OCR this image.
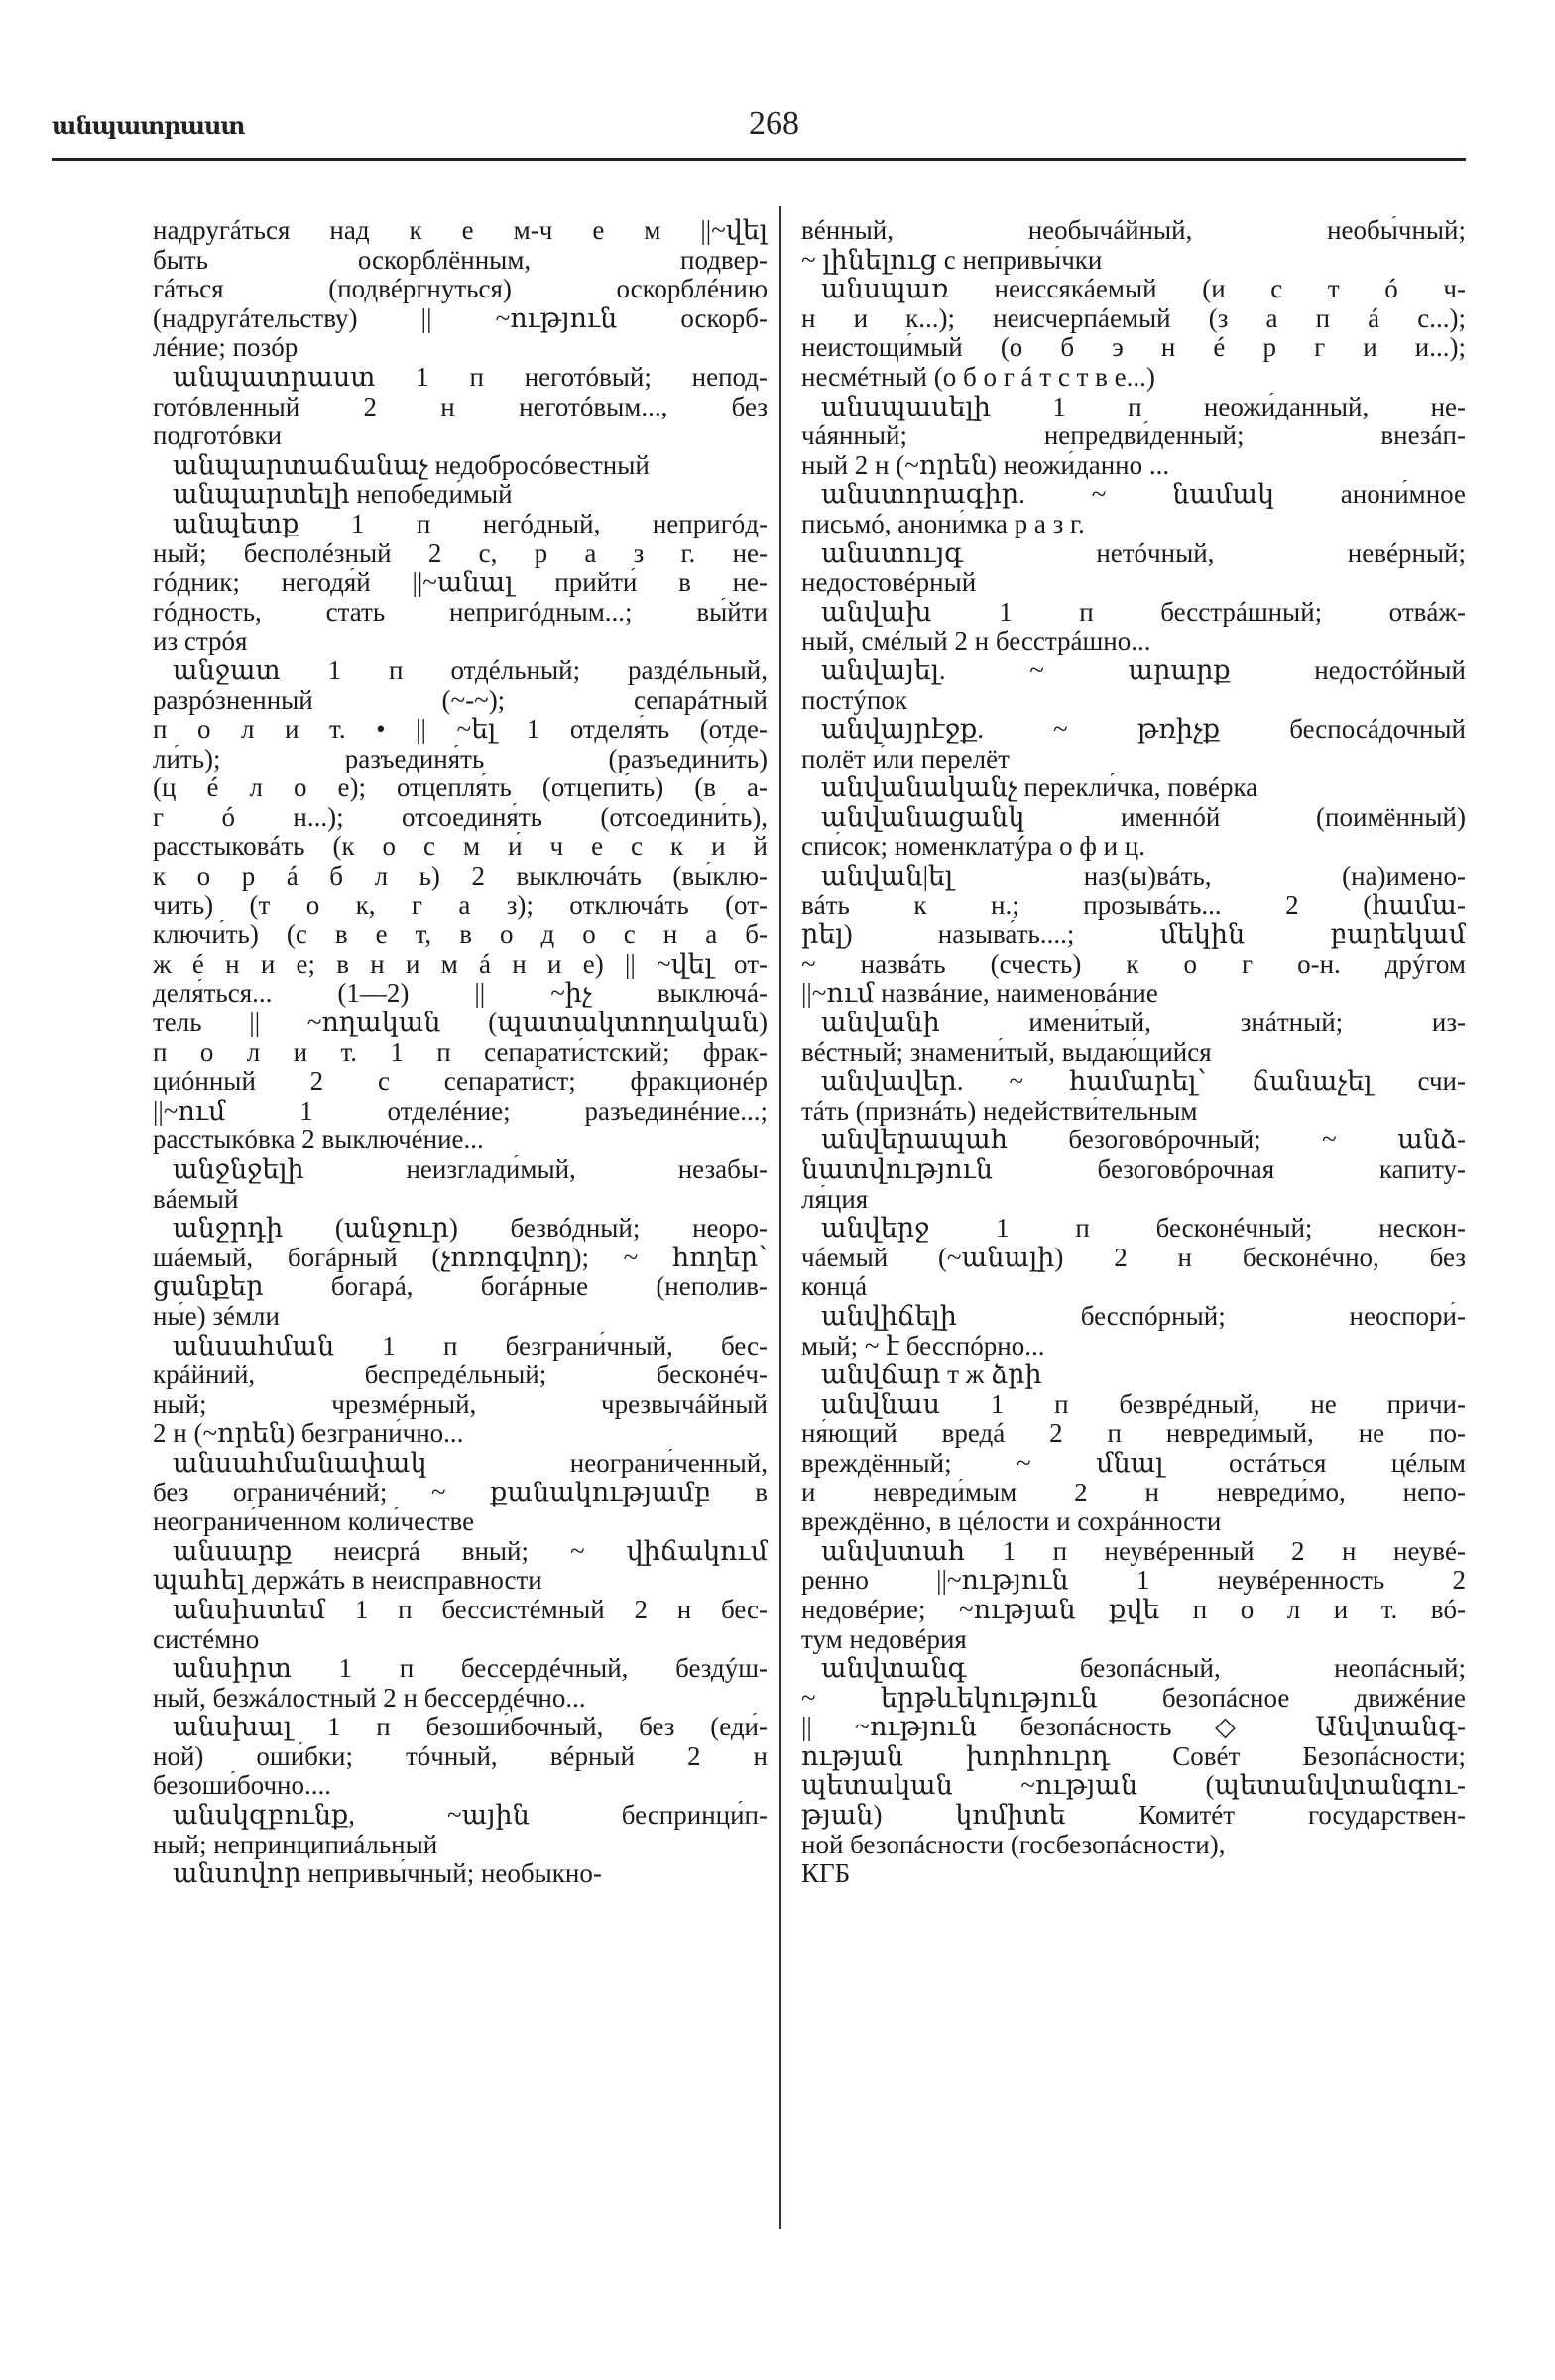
անպատրաստ	268
надругáться над к е м-ч е м ||~վել
быть оскорблённым, подвер-
гáться (подвéргнуться) оскорблéнию
(надругáтельству) || ~ություն оскорб-
лéние; позóр
անպատրաստ 1 п неготóвый; непод-
готóвленный 2 н неготóвым..., без
подготóвки
անպարտաճանաչ недобросóвестный
անպարտելի непобеди́мый
անպետք 1 п негóдный, непригóд-
ный; бесполéзный 2 с, р а з г. не-
гóдник; негодя́й ||~անալ прийти́ в не-
гóдность, стать непригóдным...; вы́йти
из стрóя
անջատ 1 п отдéльный; раздéльный,
разрóзненный (~-~); сепарáтный
п о л и т. • || ~ել 1 отделя́ть (отде-
ли́ть); разъединя́ть (разъедини́ть)
(ц é л о е); отцепля́ть (отцепи́ть) (в а-
г ó н...); отсоединя́ть (отсоедини́ть),
расстыковáть (к о с м и́ ч е с к и й
к о р á б л ь) 2 выключáть (вы́клю-
чить) (т о к, г а з); отключáть (от-
ключи́ть) (с в е т, в о д о с н а б-
ж é н и е; в н и м á н и е) || ~վել от-
деля́ться... (1—2) || ~իչ выключá-
тель || ~ողական (պատակտողական)
п о л и т. 1 п сепарати́стский; фрак-
циóнный 2 с сепарати́ст; фракционéр
||~ում 1 отделéние; разъединéние...;
расстыкóвка 2 выключéние...
անջնջելի неизглади́мый, незабы-
вáемый
անջրդի (անջուր) безвóдный; неоро-
шáемый, богáрный (չոռոգվող); ~ հողեր՝
ցանքեր богарá, богáрные (неполив-
ны́е) зéмли
անսահման 1 п безграни́чный, бес-
крáйний, беспредéльный; бесконéч-
ный; чрезмéрный, чрезвычáйный
2 н (~որեն) безграни́чно...
անսահմանափակ неограни́ченный,
без ограничéний; ~ քանակությամբ в
неограни́ченном коли́честве
անսարք неисprá вный; ~ վիճակում
պահել держáть в неисправности
անսիստեմ 1 п бессистéмный 2 н бес-
систéмно
անսիրտ 1 п бессердéчный, бездýш-
ный, безжáлостный 2 н бессердéчно...
անսխալ 1 п безоши́бочный, без (еди́-
ной) оши́бки; тóчный, вéрный 2 н
безоши́бочно....
անսկզբունք, ~ային беспринци́п-
ный; непринципиáльный
անսովոր непривы́чный; необыкно-
вéнный, необычáйный, необы́чный;
~ լինելուց с непривы́чки
անսպառ неиссякáемый (и с т ó ч-
н и к...); неисчерпáемый (з а п á с...);
неистощи́мый (о б э н é р г и и...);
несмéтный (о б о г á т с т в е...)
անսպասելի 1 п неожи́данный, не-
чáянный; непредви́денный; внезáп-
ный 2 н (~որեն) неожи́данно ...
անստորագիր. ~ նամակ анони́мное
письмó, анони́мка р а з г.
անստույգ нетóчный, невéрный;
недостовéрный
անվախ 1 п бесстрáшный; отвáж-
ный, смéлый 2 н бесстрáшно...
անվայել. ~ արարք недостóйный
постýпок
անվայրէջք. ~ թռիչք беспосáдочный
полёт и́ли перелёт
անվանականչ перекли́чка, повéрка
անվանացանկ именнóй (поимённый)
спи́сок; номенклатýра о ф и ц.
անվան|ել наз(ы)вáть, (на)имено-
вáть к н.; прозывáть... 2 (համա-
րել) называ́ть....; մեկին բարեկամ
~ назвáть (счесть) к о г о-н. дрýгом
||~ում назвáние, наименовáние
անվանի имени́тый, знáтный; из-
вéстный; знамени́тый, выдаю́щийся
անվավեր. ~ համարել՝ ճանաչել счи-
тáть (признáть) недействи́тельным
անվերապահ безоговóрочный; ~ անձ-
նատվություն безоговóрочная капиту-
ля́ция
անվերջ 1 п бесконéчный; нескон-
чáемый (~անալի) 2 н бесконéчно, без
концá
անվիճելի бесспóрный; неоспори́-
мый; ~ է бесспóрно...
անվճար т ж ձրի
անվնաս 1 п безврéдный, не причи-
ня́ющий вредá 2 п невреди́мый, не по-
вреждённый; ~ մնալ остáться цéлым
и невреди́мым 2 н невреди́мо, непо-
вреждённо, в цéлости и сохрáнности
անվստահ 1 п неувéренный 2 н неувé-
ренно ||~ություն 1 неувéренность 2
недовéрие; ~ության քվե п о л и т. вó-
тум недовéрия
անվտանգ безопáсный, неопáсный;
~ երթևեկություն безопáсное движéние
|| ~ություն безопáсность ◇ Անվտանգ-
ության խորհուրդ Совéт Безопáсности;
պետական ~ության (պետանվտանգու-
թյան) կոմիտե Комитéт государствен-
ной безопáсности (госбезопáсности),
КГБ
